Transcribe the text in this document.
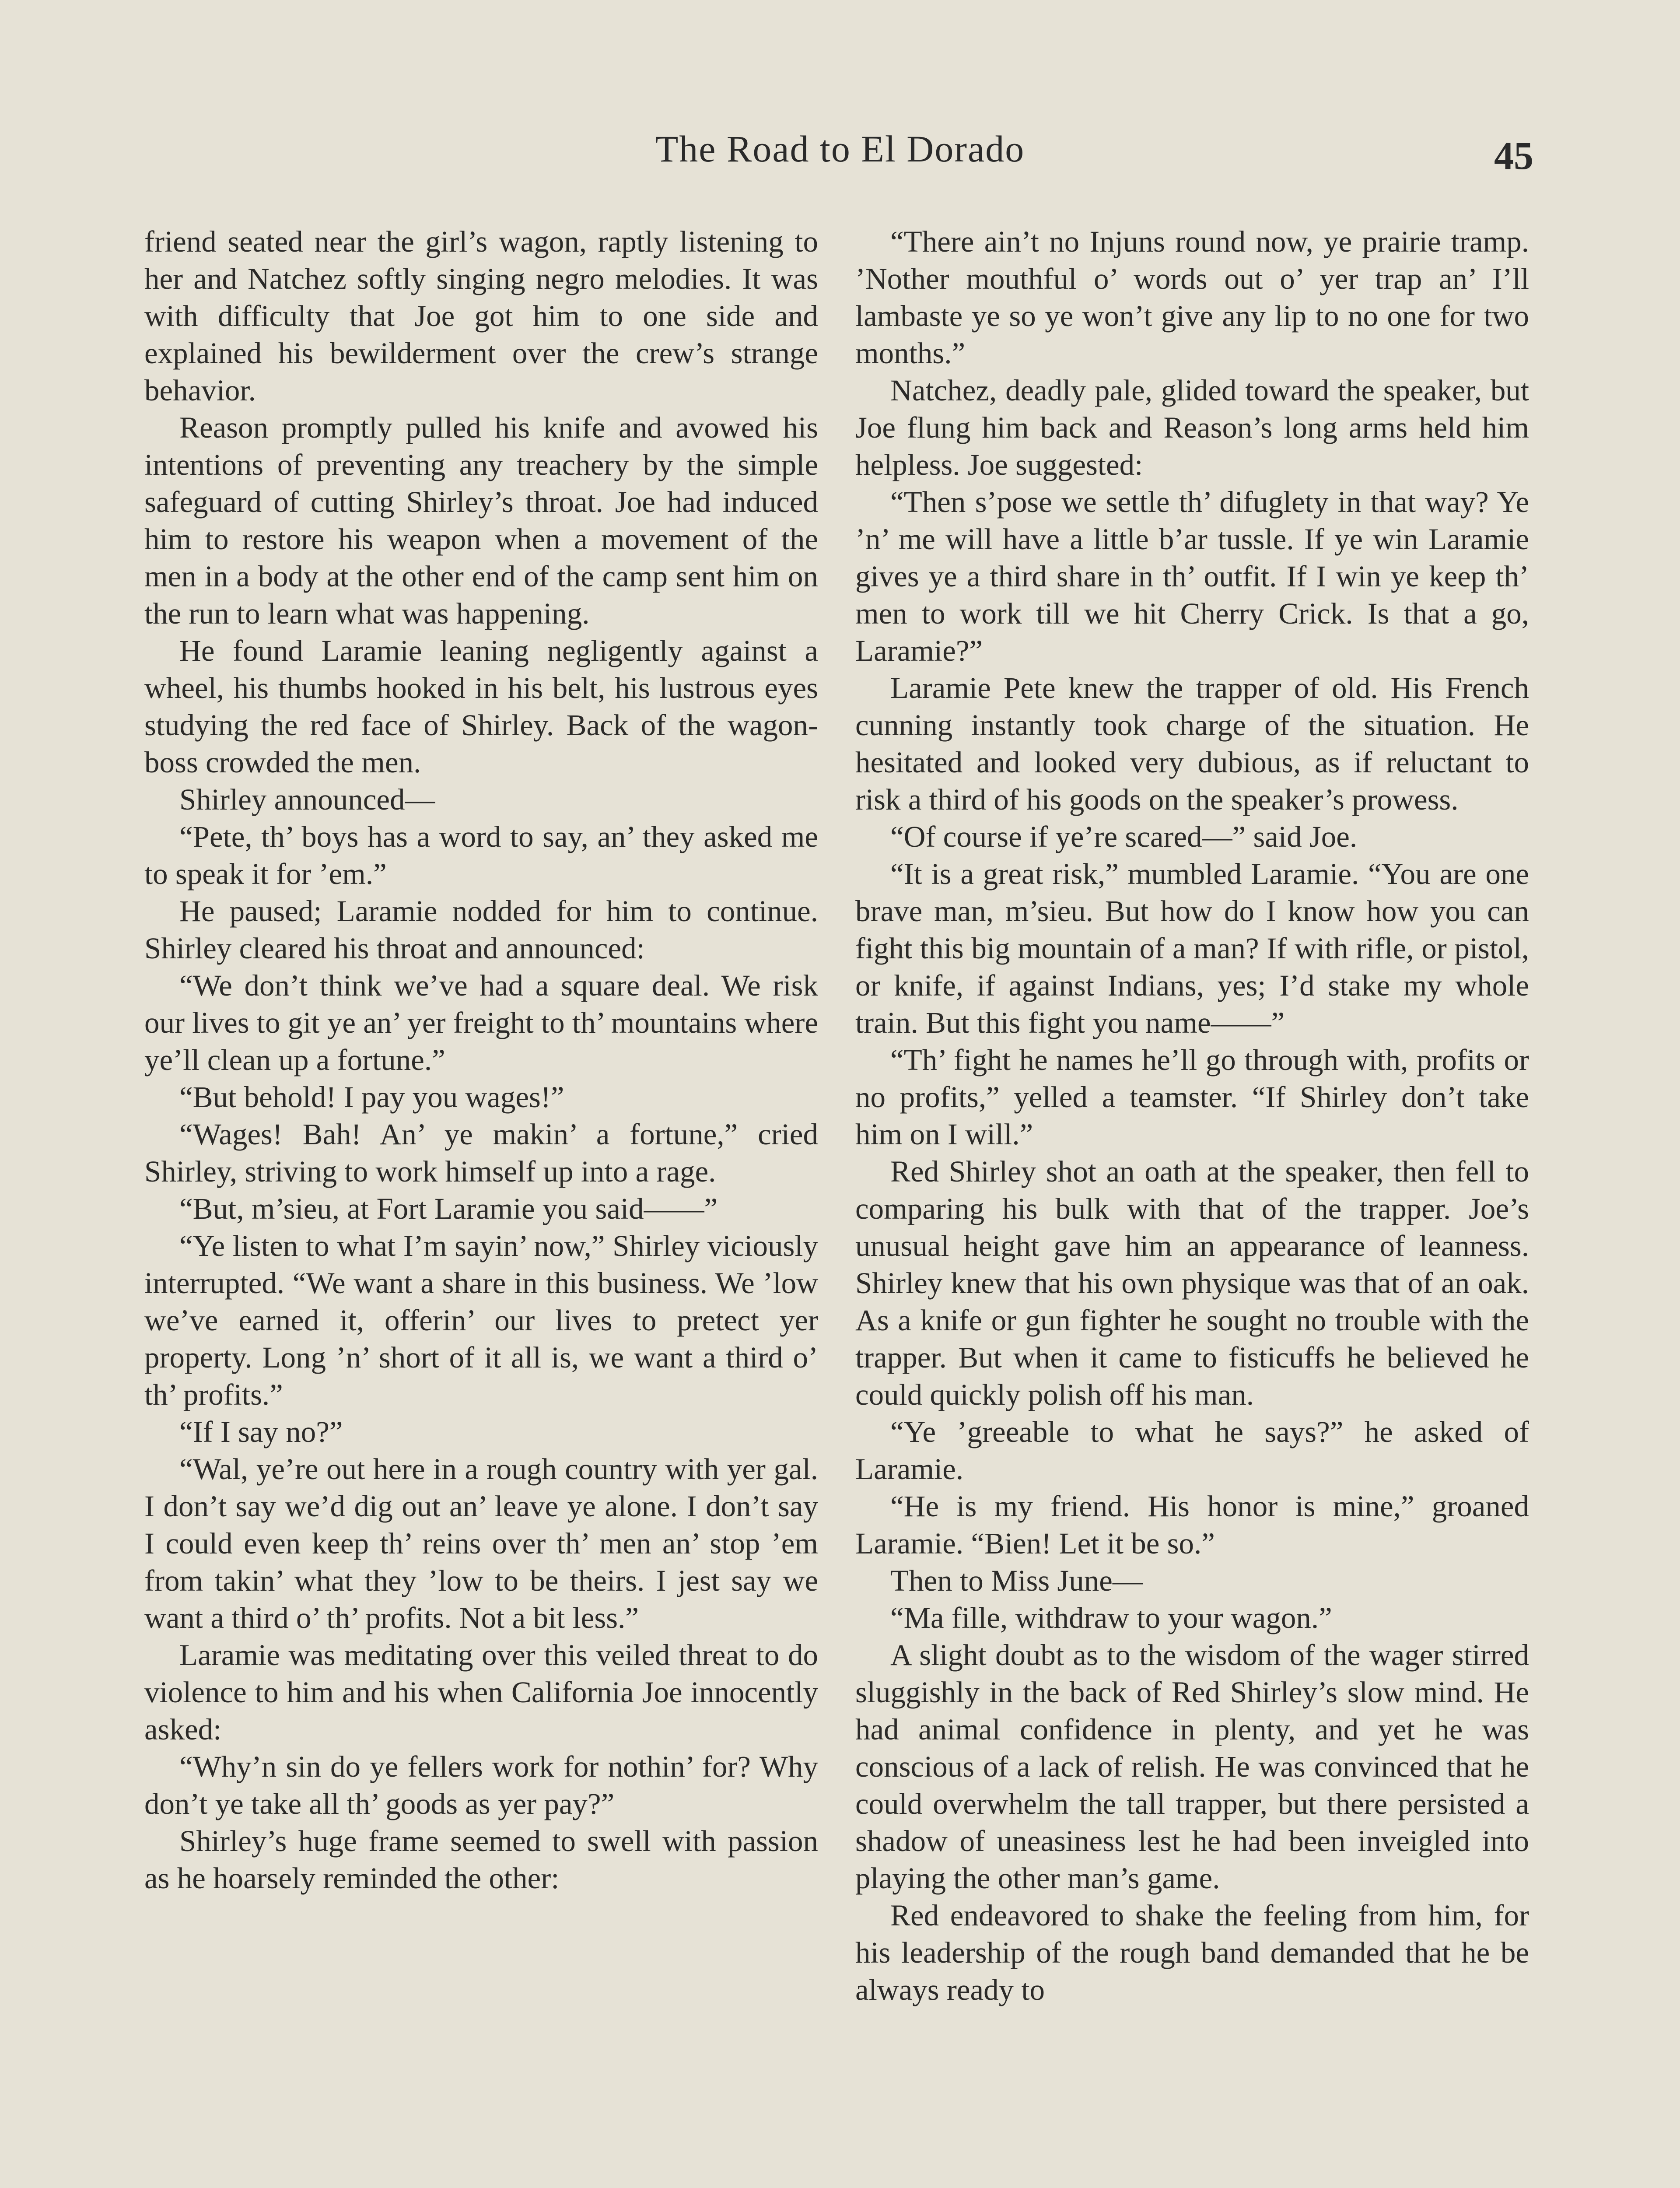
The Road to El Dorado	45

friend seated near the girl’s wagon, raptly listening to her and Natchez softly singing negro melodies. It was with difficulty that Joe got him to one side and explained his bewilderment over the crew’s strange behavior.

Reason promptly pulled his knife and avowed his intentions of preventing any treachery by the simple safeguard of cutting Shirley’s throat. Joe had induced him to restore his weapon when a movement of the men in a body at the other end of the camp sent him on the run to learn what was happening.

He found Laramie leaning negligently against a wheel, his thumbs hooked in his belt, his lustrous eyes studying the red face of Shirley. Back of the wagon-boss crowded the men.

Shirley announced—

“Pete, th’ boys has a word to say, an’ they asked me to speak it for ’em.”

He paused; Laramie nodded for him to continue. Shirley cleared his throat and announced:

“We don’t think we’ve had a square deal. We risk our lives to git ye an’ yer freight to th’ mountains where ye’ll clean up a fortune.”

“But behold! I pay you wages!”

“Wages! Bah! An’ ye makin’ a fortune,” cried Shirley, striving to work himself up into a rage.

“But, m’sieu, at Fort Laramie you said——”

“Ye listen to what I’m sayin’ now,” Shirley viciously interrupted. “We want a share in this business. We ’low we’ve earned it, offerin’ our lives to pretect yer property. Long ’n’ short of it all is, we want a third o’ th’ profits.”

“If I say no?”

“Wal, ye’re out here in a rough country with yer gal. I don’t say we’d dig out an’ leave ye alone. I don’t say I could even keep th’ reins over th’ men an’ stop ’em from takin’ what they ’low to be theirs. I jest say we want a third o’ th’ profits. Not a bit less.”

Laramie was meditating over this veiled threat to do violence to him and his when California Joe innocently asked:

“Why’n sin do ye fellers work for nothin’ for? Why don’t ye take all th’ goods as yer pay?”

Shirley’s huge frame seemed to swell with passion as he hoarsely reminded the other:

“There ain’t no Injuns round now, ye prairie tramp. ’Nother mouthful o’ words out o’ yer trap an’ I’ll lambaste ye so ye won’t give any lip to no one for two months.”

Natchez, deadly pale, glided toward the speaker, but Joe flung him back and Reason’s long arms held him helpless. Joe suggested:

“Then s’pose we settle th’ difuglety in that way? Ye ’n’ me will have a little b’ar tussle. If ye win Laramie gives ye a third share in th’ outfit. If I win ye keep th’ men to work till we hit Cherry Crick. Is that a go, Laramie?”

Laramie Pete knew the trapper of old. His French cunning instantly took charge of the situation. He hesitated and looked very dubious, as if reluctant to risk a third of his goods on the speaker’s prowess.

“Of course if ye’re scared—” said Joe.

“It is a great risk,” mumbled Laramie. “You are one brave man, m’sieu. But how do I know how you can fight this big mountain of a man? If with rifle, or pistol, or knife, if against Indians, yes; I’d stake my whole train. But this fight you name——”

“Th’ fight he names he’ll go through with, profits or no profits,” yelled a teamster. “If Shirley don’t take him on I will.”

Red Shirley shot an oath at the speaker, then fell to comparing his bulk with that of the trapper. Joe’s unusual height gave him an appearance of leanness. Shirley knew that his own physique was that of an oak. As a knife or gun fighter he sought no trouble with the trapper. But when it came to fisticuffs he believed he could quickly polish off his man.

“Ye ’greeable to what he says?” he asked of Laramie.

“He is my friend. His honor is mine,” groaned Laramie. “Bien! Let it be so.”

Then to Miss June—

“Ma fille, withdraw to your wagon.”

A slight doubt as to the wisdom of the wager stirred sluggishly in the back of Red Shirley’s slow mind. He had animal confidence in plenty, and yet he was conscious of a lack of relish. He was convinced that he could overwhelm the tall trapper, but there persisted a shadow of uneasiness lest he had been inveigled into playing the other man’s game.

Red endeavored to shake the feeling from him, for his leadership of the rough band demanded that he be always ready to
